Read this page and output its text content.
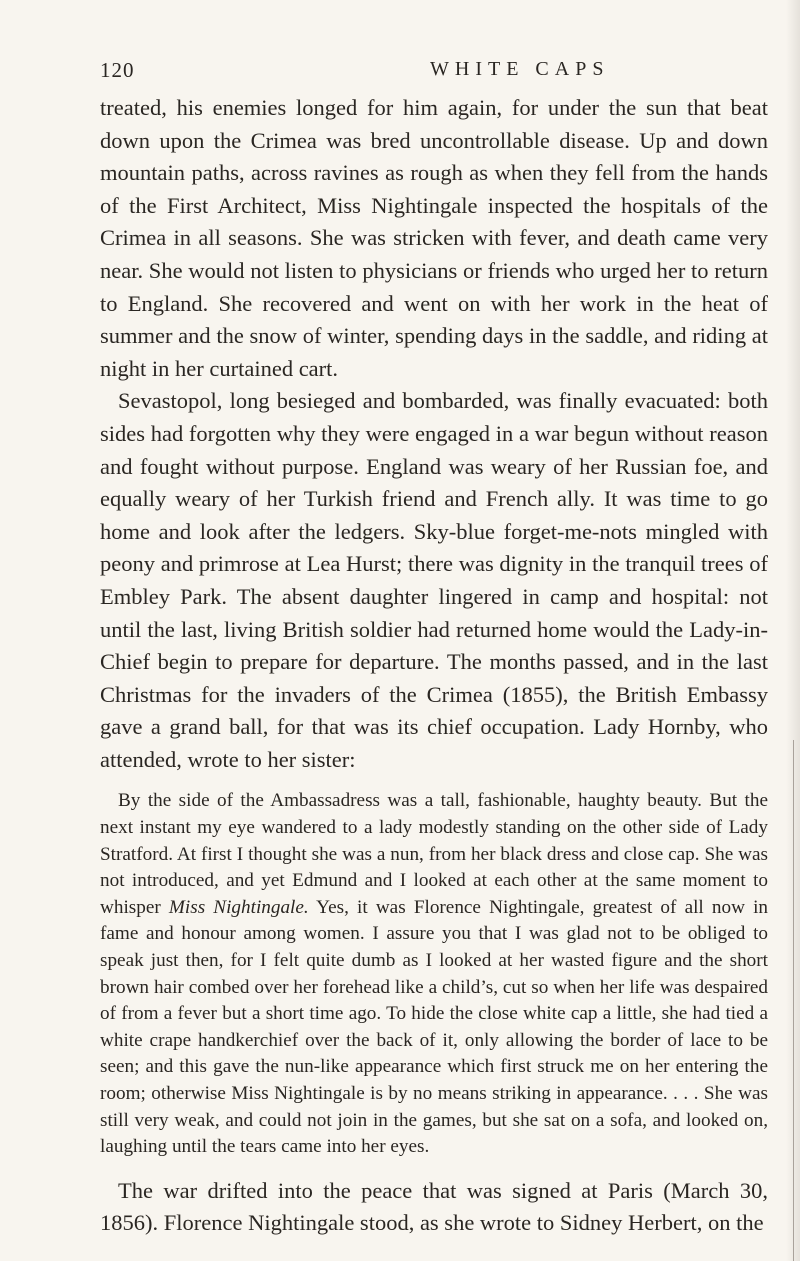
120	WHITE CAPS

treated, his enemies longed for him again, for under the sun that beat down upon the Crimea was bred uncontrollable disease. Up and down mountain paths, across ravines as rough as when they fell from the hands of the First Architect, Miss Nightingale inspected the hospitals of the Crimea in all seasons. She was stricken with fever, and death came very near. She would not listen to physicians or friends who urged her to return to England. She recovered and went on with her work in the heat of summer and the snow of winter, spending days in the saddle, and riding at night in her curtained cart.

Sevastopol, long besieged and bombarded, was finally evacuated: both sides had forgotten why they were engaged in a war begun without reason and fought without purpose. England was weary of her Russian foe, and equally weary of her Turkish friend and French ally. It was time to go home and look after the ledgers. Sky-blue forget-me-nots mingled with peony and primrose at Lea Hurst; there was dignity in the tranquil trees of Embley Park. The absent daughter lingered in camp and hospital: not until the last, living British soldier had returned home would the Lady-in-Chief begin to prepare for departure. The months passed, and in the last Christmas for the invaders of the Crimea (1855), the British Embassy gave a grand ball, for that was its chief occupation. Lady Hornby, who attended, wrote to her sister:

By the side of the Ambassadress was a tall, fashionable, haughty beauty. But the next instant my eye wandered to a lady modestly standing on the other side of Lady Stratford. At first I thought she was a nun, from her black dress and close cap. She was not introduced, and yet Edmund and I looked at each other at the same moment to whisper Miss Nightingale. Yes, it was Florence Nightingale, greatest of all now in fame and honour among women. I assure you that I was glad not to be obliged to speak just then, for I felt quite dumb as I looked at her wasted figure and the short brown hair combed over her forehead like a child’s, cut so when her life was despaired of from a fever but a short time ago. To hide the close white cap a little, she had tied a white crape handkerchief over the back of it, only allowing the border of lace to be seen; and this gave the nun-like appearance which first struck me on her entering the room; otherwise Miss Nightingale is by no means striking in appearance. . . . She was still very weak, and could not join in the games, but she sat on a sofa, and looked on, laughing until the tears came into her eyes.

The war drifted into the peace that was signed at Paris (March 30, 1856). Florence Nightingale stood, as she wrote to Sidney Herbert, on the
